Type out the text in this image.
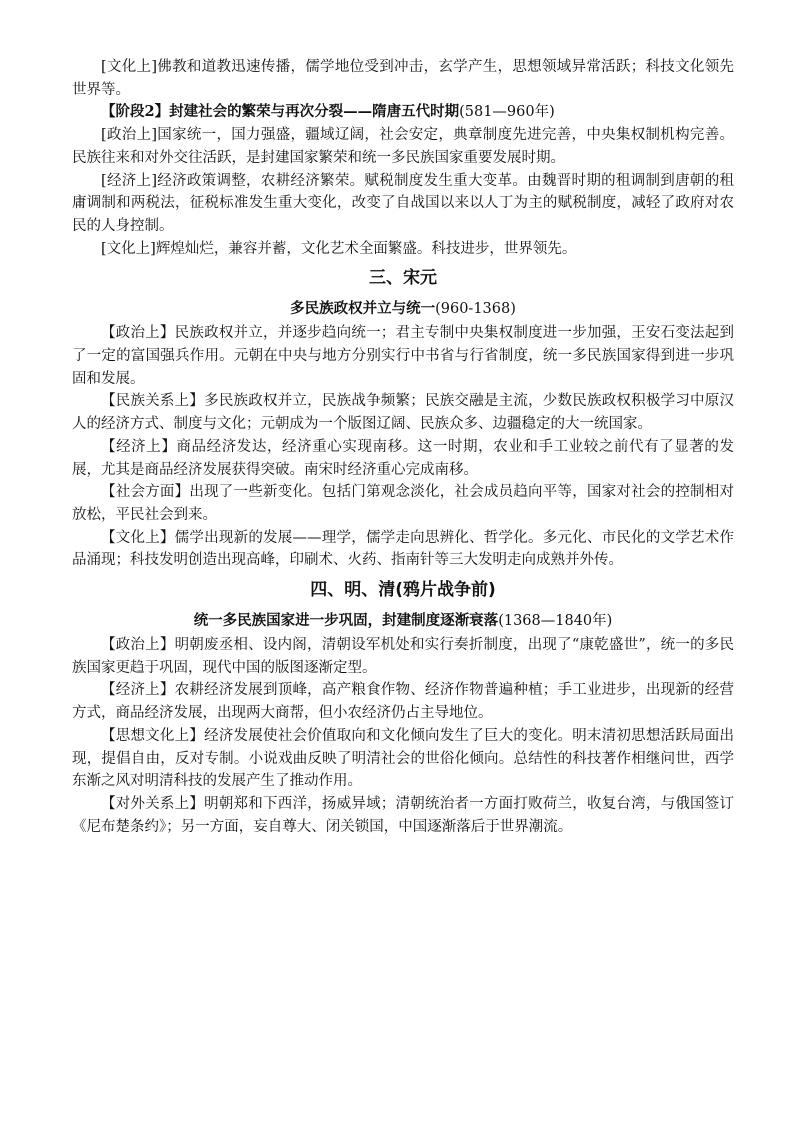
[文化上]佛教和道教迅速传播，儒学地位受到冲击，玄学产生，思想领域异常活跃；科技文化领先世界等。

【阶段2】封建社会的繁荣与再次分裂——隋唐五代时期(581—960年)

[政治上]国家统一，国力强盛，疆域辽阔，社会安定，典章制度先进完善，中央集权制机构完善。民族往来和对外交往活跃，是封建国家繁荣和统一多民族国家重要发展时期。

[经济上]经济政策调整，农耕经济繁荣。赋税制度发生重大变革。由魏晋时期的租调制到唐朝的租庸调制和两税法，征税标准发生重大变化，改变了自战国以来以人丁为主的赋税制度，减轻了政府对农民的人身控制。

[文化上]辉煌灿烂，兼容并蓄，文化艺术全面繁盛。科技进步，世界领先。

三、宋元
多民族政权并立与统一(960-1368)

【政治上】民族政权并立，并逐步趋向统一；君主专制中央集权制度进一步加强，王安石变法起到了一定的富国强兵作用。元朝在中央与地方分别实行中书省与行省制度，统一多民族国家得到进一步巩固和发展。

【民族关系上】多民族政权并立，民族战争频繁；民族交融是主流，少数民族政权积极学习中原汉人的经济方式、制度与文化；元朝成为一个版图辽阔、民族众多、边疆稳定的大一统国家。

【经济上】商品经济发达，经济重心实现南移。这一时期，农业和手工业较之前代有了显著的发展，尤其是商品经济发展获得突破。南宋时经济重心完成南移。

【社会方面】出现了一些新变化。包括门第观念淡化，社会成员趋向平等，国家对社会的控制相对放松，平民社会到来。

【文化上】儒学出现新的发展——理学，儒学走向思辨化、哲学化。多元化、市民化的文学艺术作品涌现；科技发明创造出现高峰，印刷术、火药、指南针等三大发明走向成熟并外传。

四、明、清(鸦片战争前)
统一多民族国家进一步巩固，封建制度逐渐衰落(1368—1840年)

【政治上】明朝废丞相、设内阁，清朝设军机处和实行奏折制度，出现了“康乾盛世”，统一的多民族国家更趋于巩固，现代中国的版图逐渐定型。

【经济上】农耕经济发展到顶峰，高产粮食作物、经济作物普遍种植；手工业进步，出现新的经营方式，商品经济发展，出现两大商帮，但小农经济仍占主导地位。

【思想文化上】经济发展使社会价值取向和文化倾向发生了巨大的变化。明末清初思想活跃局面出现，提倡自由，反对专制。小说戏曲反映了明清社会的世俗化倾向。总结性的科技著作相继问世，西学东渐之风对明清科技的发展产生了推动作用。

【对外关系上】明朝郑和下西洋，扬威异域；清朝统治者一方面打败荷兰，收复台湾，与俄国签订《尼布楚条约》；另一方面，妄自尊大、闭关锁国，中国逐渐落后于世界潮流。
